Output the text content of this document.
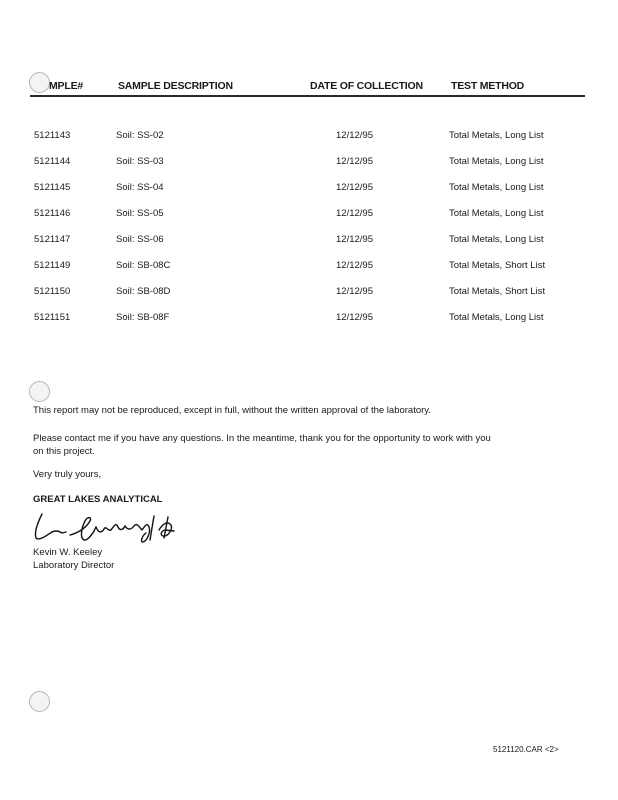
MPLE#	SAMPLE DESCRIPTION	DATE OF COLLECTION	TEST METHOD
5121143	Soil: SS-02	12/12/95	Total Metals, Long List
5121144	Soil: SS-03	12/12/95	Total Metals, Long List
5121145	Soil: SS-04	12/12/95	Total Metals, Long List
5121146	Soil: SS-05	12/12/95	Total Metals, Long List
5121147	Soil: SS-06	12/12/95	Total Metals, Long List
5121149	Soil: SB-08C	12/12/95	Total Metals, Short List
5121150	Soil: SB-08D	12/12/95	Total Metals, Short List
5121151	Soil: SB-08F	12/12/95	Total Metals, Long List
This report may not be reproduced, except in full, without the written approval of the laboratory.
Please contact me if you have any questions. In the meantime, thank you for the opportunity to work with you
on this project.
Very truly yours,
GREAT LAKES ANALYTICAL
Kevin W. Keeley
Laboratory Director
5121120.CAR <2>
